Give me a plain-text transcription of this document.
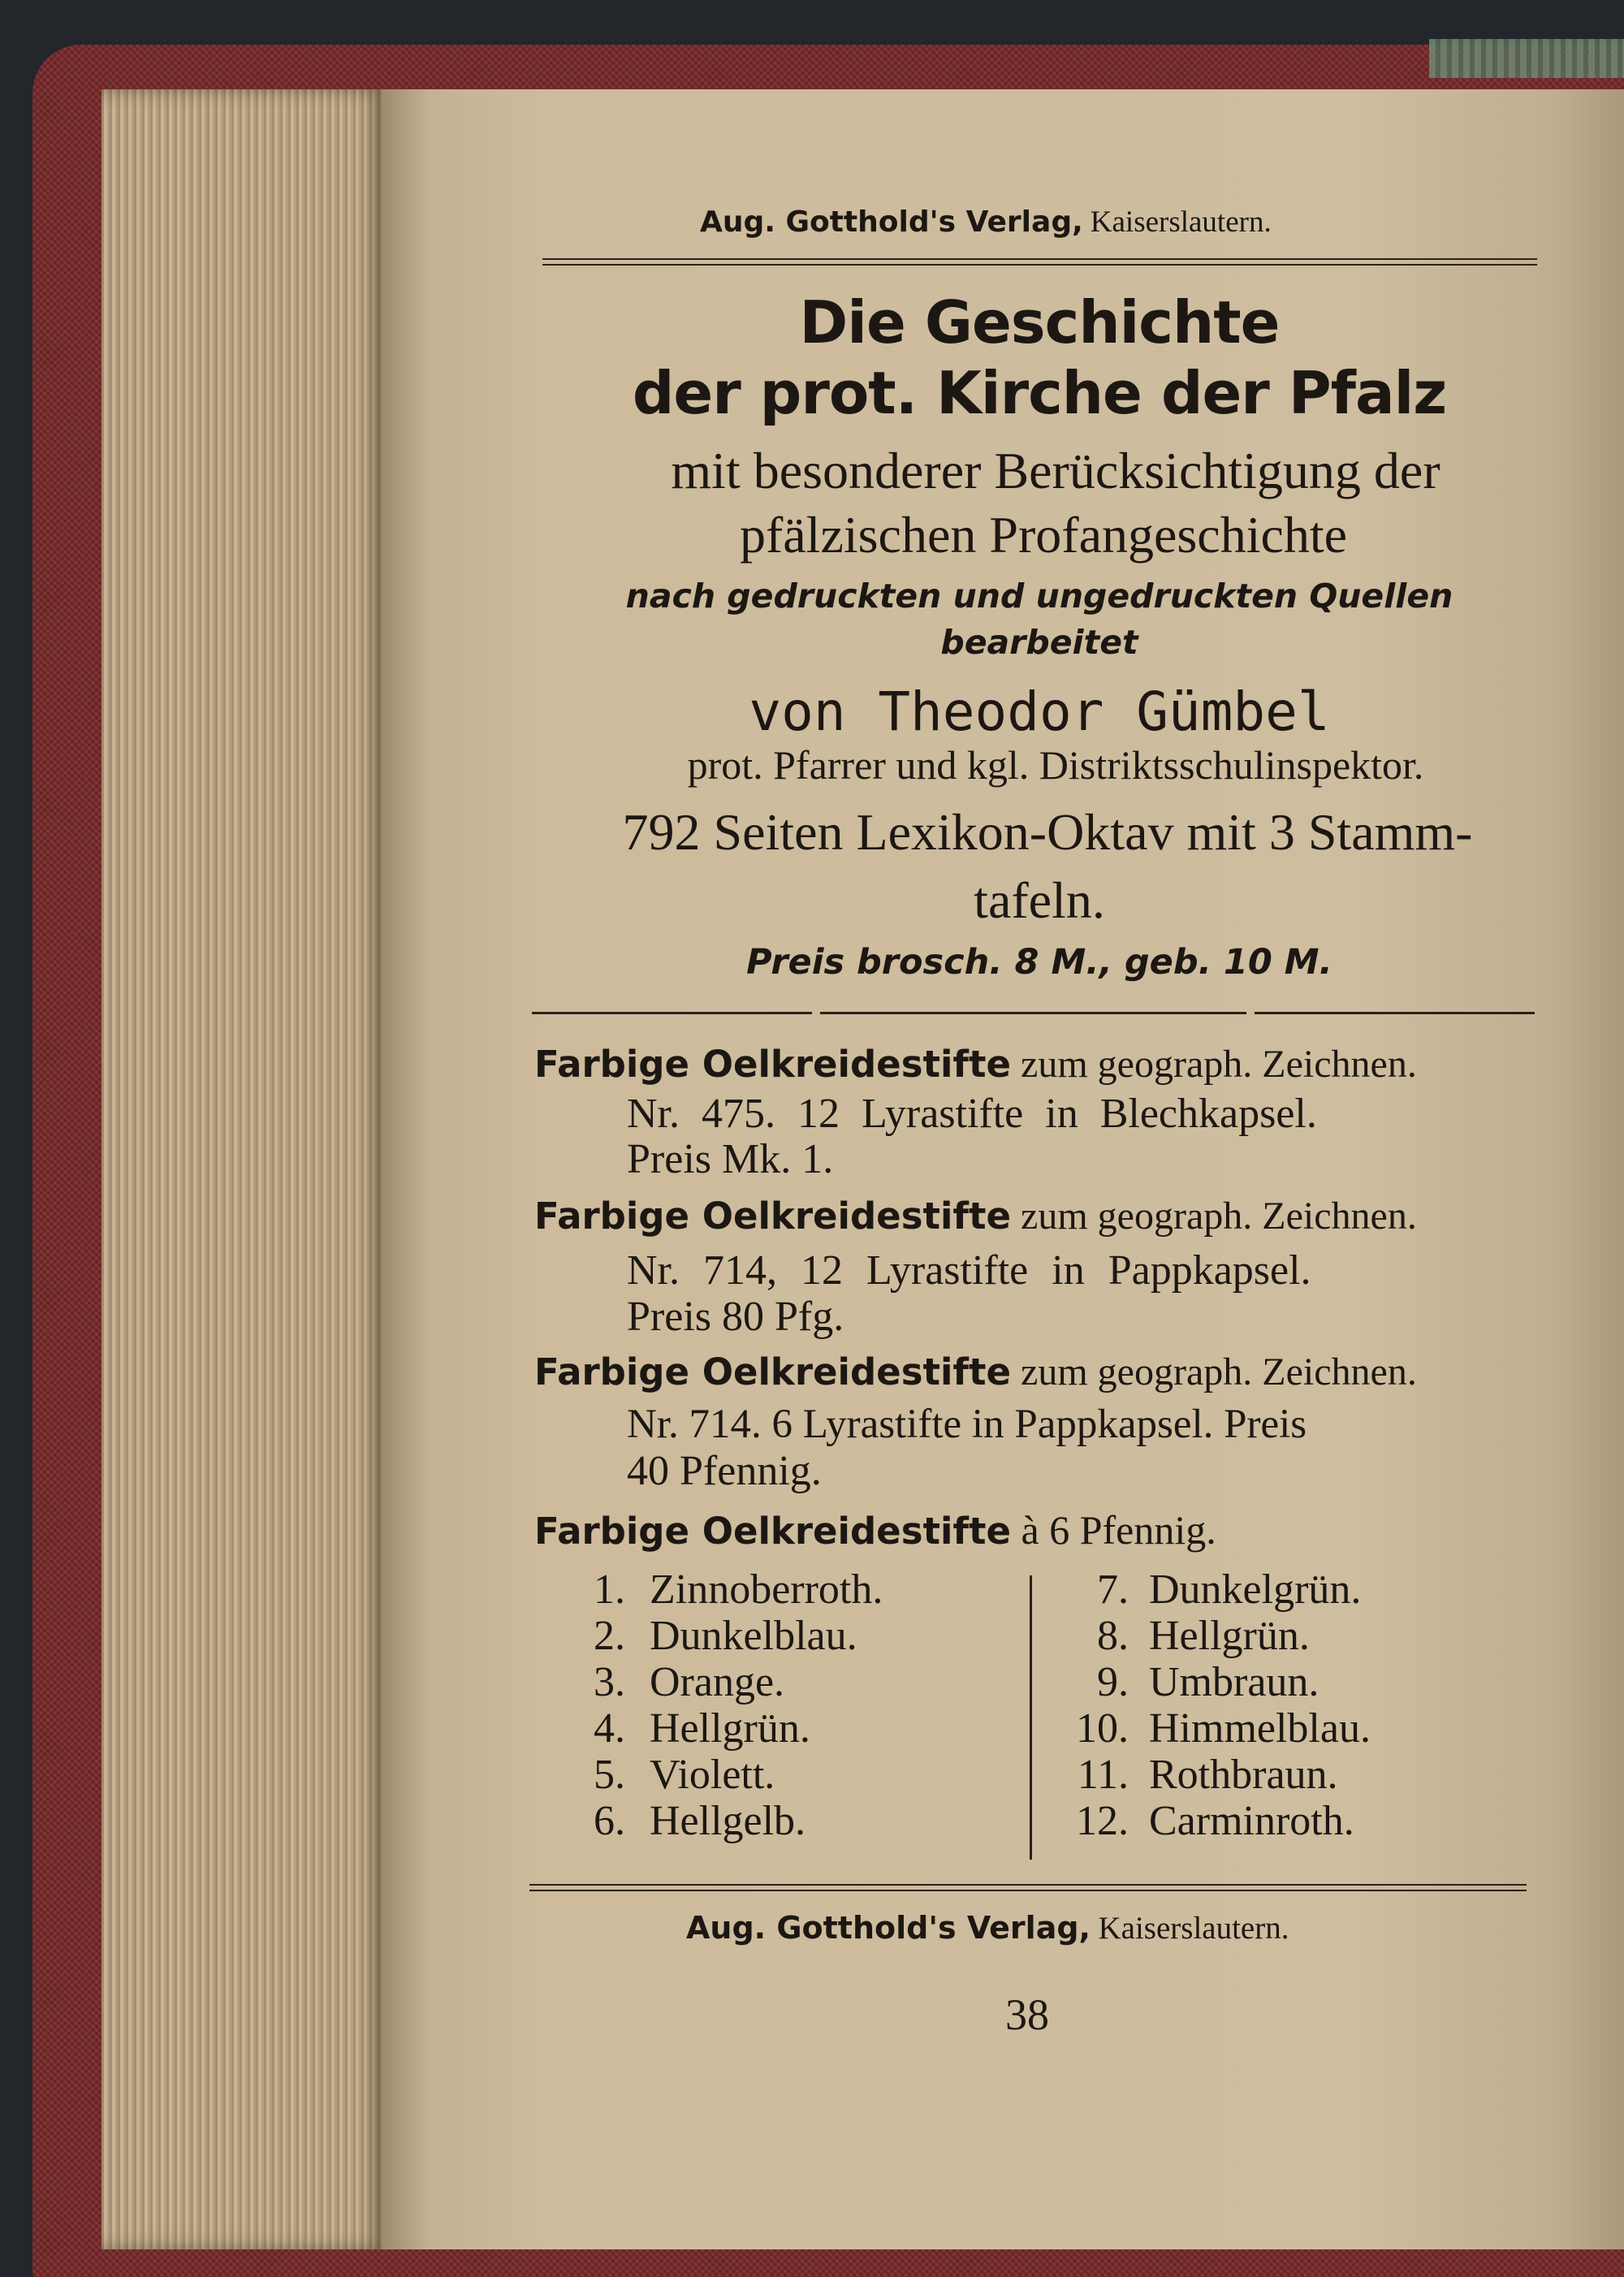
Aug. Gotthold's Verlag, Kaiserslautern.
Die Geschichte
der prot. Kirche der Pfalz
mit besonderer Berücksichtigung der
pfälzischen Profangeschichte
nach gedruckten und ungedruckten Quellen
bearbeitet
von Theodor Gümbel
prot. Pfarrer und kgl. Distriktsschulinspektor.
792 Seiten Lexikon-Oktav mit 3 Stamm-
tafeln.
Preis brosch. 8 M., geb. 10 M.
Farbige Oelkreidestifte zum geograph. Zeichnen.
Nr. 475. 12 Lyrastifte in Blechkapsel.
Preis Mk. 1.
Farbige Oelkreidestifte zum geograph. Zeichnen.
Nr. 714, 12 Lyrastifte in Pappkapsel.
Preis 80 Pfg.
Farbige Oelkreidestifte zum geograph. Zeichnen.
Nr. 714. 6 Lyrastifte in Pappkapsel. Preis
40 Pfennig.
Farbige Oelkreidestifte à 6 Pfennig.
1. Zinnoberroth.
2. Dunkelblau.
3. Orange.
4. Hellgrün.
5. Violett.
6. Hellgelb.
7. Dunkelgrün.
8. Hellgrün.
9. Umbraun.
10. Himmelblau.
11. Rothbraun.
12. Carminroth.
Aug. Gotthold's Verlag, Kaiserslautern.
38
